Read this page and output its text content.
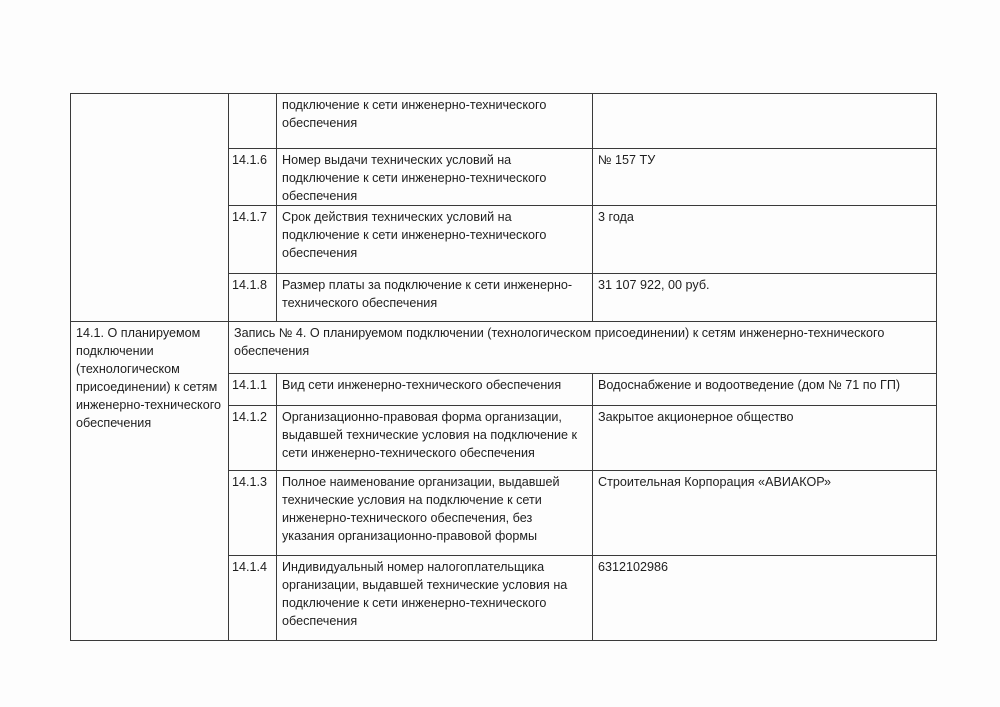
		подключение к сети инженерно-технического обеспечения	
	14.1.6	Номер выдачи технических условий на подключение к сети инженерно-технического обеспечения	№ 157 ТУ
	14.1.7	Срок действия технических условий на подключение к сети инженерно-технического обеспечения	3 года
	14.1.8	Размер платы за подключение к сети инженерно-технического обеспечения	31 107 922, 00 руб.
14.1. О планируемом подключении (технологическом присоединении) к сетям инженерно-технического обеспечения	Запись № 4. О планируемом подключении (технологическом присоединении) к сетям инженерно-технического обеспечения		
	14.1.1	Вид сети инженерно-технического обеспечения	Водоснабжение и водоотведение (дом № 71 по ГП)
	14.1.2	Организационно-правовая форма организации, выдавшей технические условия на подключение к сети инженерно-технического обеспечения	Закрытое акционерное общество
	14.1.3	Полное наименование организации, выдавшей технические условия на подключение к сети инженерно-технического обеспечения, без указания организационно-правовой формы	Строительная Корпорация «АВИАКОР»
	14.1.4	Индивидуальный номер налогоплательщика организации, выдавшей технические условия на подключение к сети инженерно-технического обеспечения	6312102986
